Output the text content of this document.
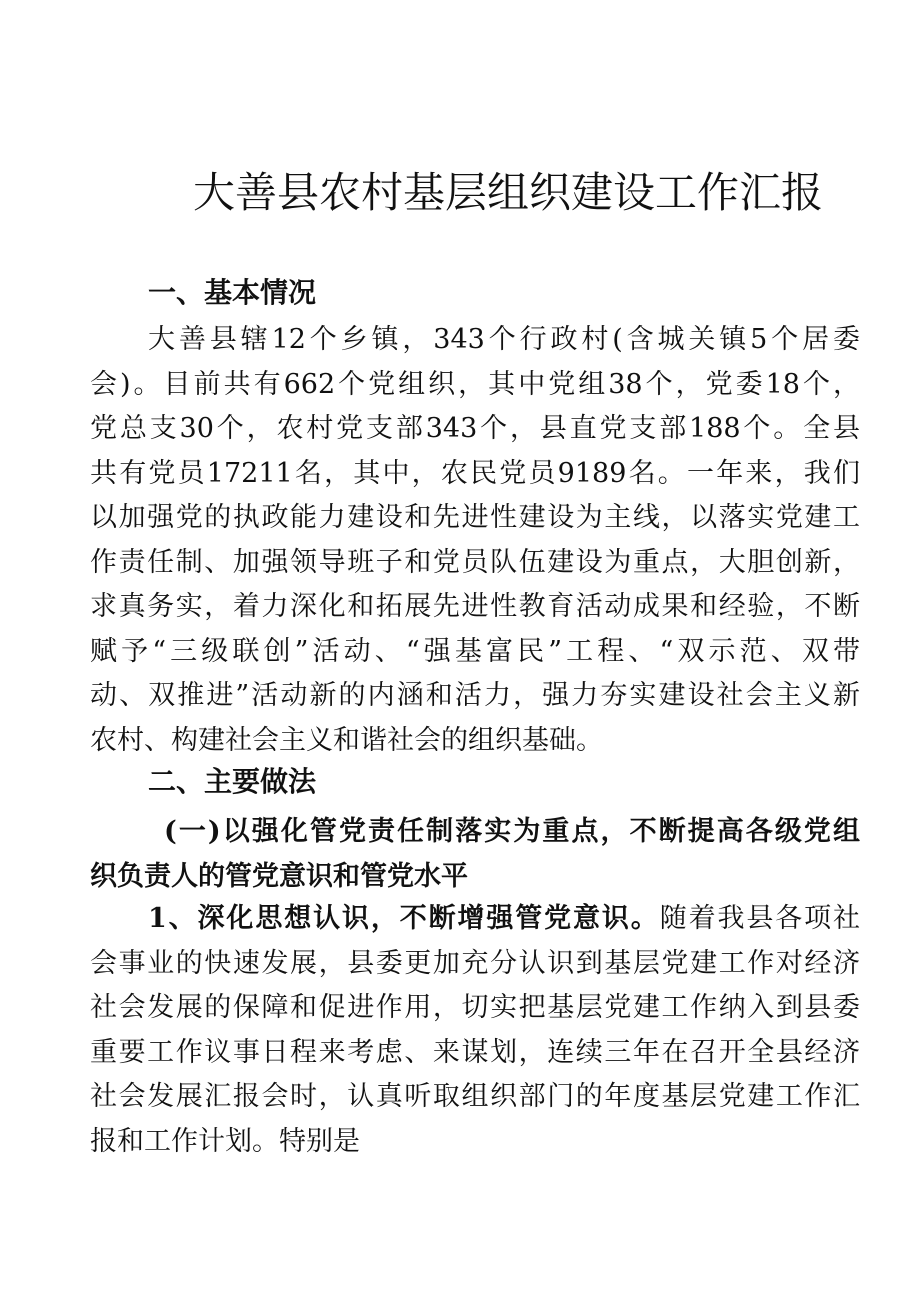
大善县农村基层组织建设工作汇报
一、基本情况
大善县辖12个乡镇，343个行政村(含城关镇5个居委
会)。目前共有662个党组织，其中党组38个，党委18个，
党总支30个，农村党支部343个，县直党支部188个。全县
共有党员17211名，其中，农民党员9189名。一年来，我们
以加强党的执政能力建设和先进性建设为主线，以落实党建工
作责任制、加强领导班子和党员队伍建设为重点，大胆创新，
求真务实，着力深化和拓展先进性教育活动成果和经验，不断
赋予“三级联创”活动、“强基富民”工程、“双示范、双带
动、双推进”活动新的内涵和活力，强力夯实建设社会主义新
农村、构建社会主义和谐社会的组织基础。
二、主要做法
(一)以强化管党责任制落实为重点，不断提高各级党组
织负责人的管党意识和管党水平
1、深化思想认识，不断增强管党意识。随着我县各项社
会事业的快速发展，县委更加充分认识到基层党建工作对经济
社会发展的保障和促进作用，切实把基层党建工作纳入到县委
重要工作议事日程来考虑、来谋划，连续三年在召开全县经济
社会发展汇报会时，认真听取组织部门的年度基层党建工作汇
报和工作计划。特别是
